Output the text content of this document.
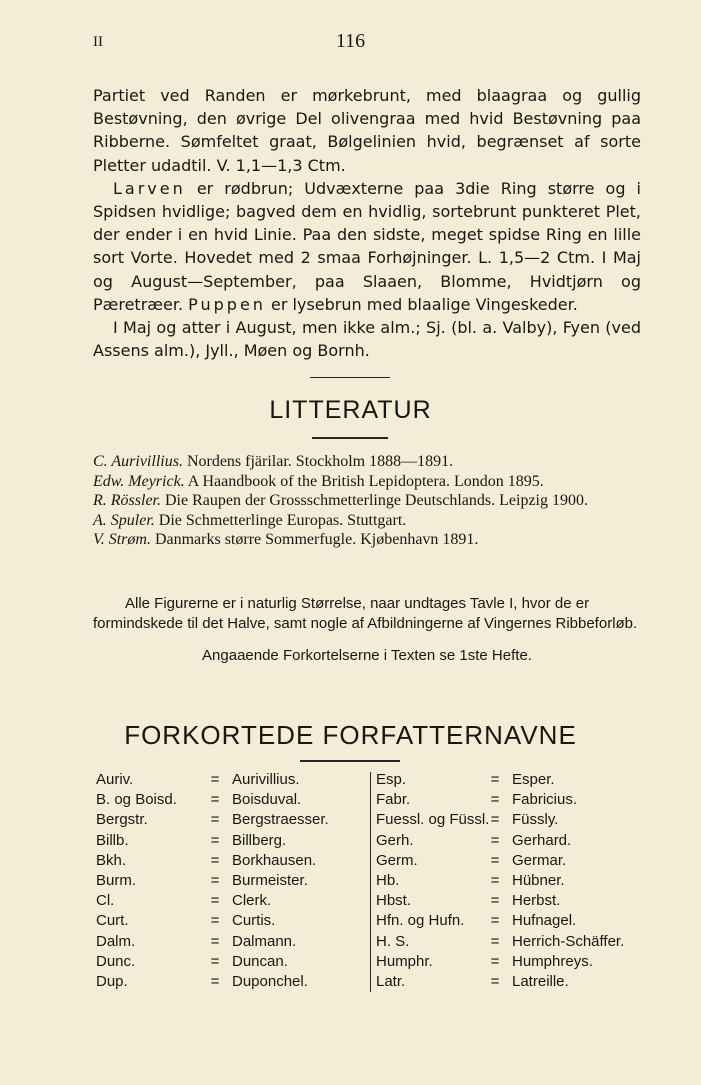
II	116

Partiet ved Randen er mørkebrunt, med blaagraa og gullig Bestøvning, den øvrige Del olivengraa med hvid Bestøvning paa Ribberne. Sømfeltet graat, Bølgelinien hvid, begrænset af sorte Pletter udadtil. V. 1,1—1,3 Ctm.

Larven er rødbrun; Udvæxterne paa 3die Ring større og i Spidsen hvidlige; bagved dem en hvidlig, sortebrunt punkteret Plet, der ender i en hvid Linie. Paa den sidste, meget spidse Ring en lille sort Vorte. Hovedet med 2 smaa Forhøjninger. L. 1,5—2 Ctm. I Maj og August—September, paa Slaaen, Blomme, Hvidtjørn og Pæretræer. Puppen er lysebrun med blaalige Vingeskeder.

I Maj og atter i August, men ikke alm.; Sj. (bl. a. Valby), Fyen (ved Assens alm.), Jyll., Møen og Bornh.

LITTERATUR

C. Aurivillius. Nordens fjärilar. Stockholm 1888—1891.

Edw. Meyrick. A Haandbook of the British Lepidoptera. London 1895.

R. Rössler. Die Raupen der Grossschmetterlinge Deutschlands. Leipzig 1900.

A. Spuler. Die Schmetterlinge Europas. Stuttgart.

V. Strøm. Danmarks større Sommerfugle. Kjøbenhavn 1891.

Alle Figurerne er i naturlig Størrelse, naar undtages Tavle I, hvor de er formindskede til det Halve, samt nogle af Afbildningerne af Vingernes Ribbeforløb.

Angaaende Forkortelserne i Texten se 1ste Hefte.

FORKORTEDE FORFATTERNAVNE
Auriv.	= Aurivillius.
B. og Boisd.	= Boisduval.
Bergstr.	= Bergstraesser.
Billb.	= Billberg.
Bkh.	= Borkhausen.
Burm.	= Burmeister.
Cl.	= Clerk.
Curt.	= Curtis.
Dalm.	= Dalmann.
Dunc.	= Duncan.
Dup.	= Duponchel.
Esp.	= Esper.
Fabr.	= Fabricius.
Fuessl. og Füssl. = Füssly.
Gerh.	= Gerhard.
Germ.	= Germar.
Hb.	= Hübner.
Hbst.	= Herbst.
Hfn. og Hufn.	= Hufnagel.
H. S.	= Herrich-Schäffer.
Humphr.	= Humphreys.
Latr.	= Latreille.
